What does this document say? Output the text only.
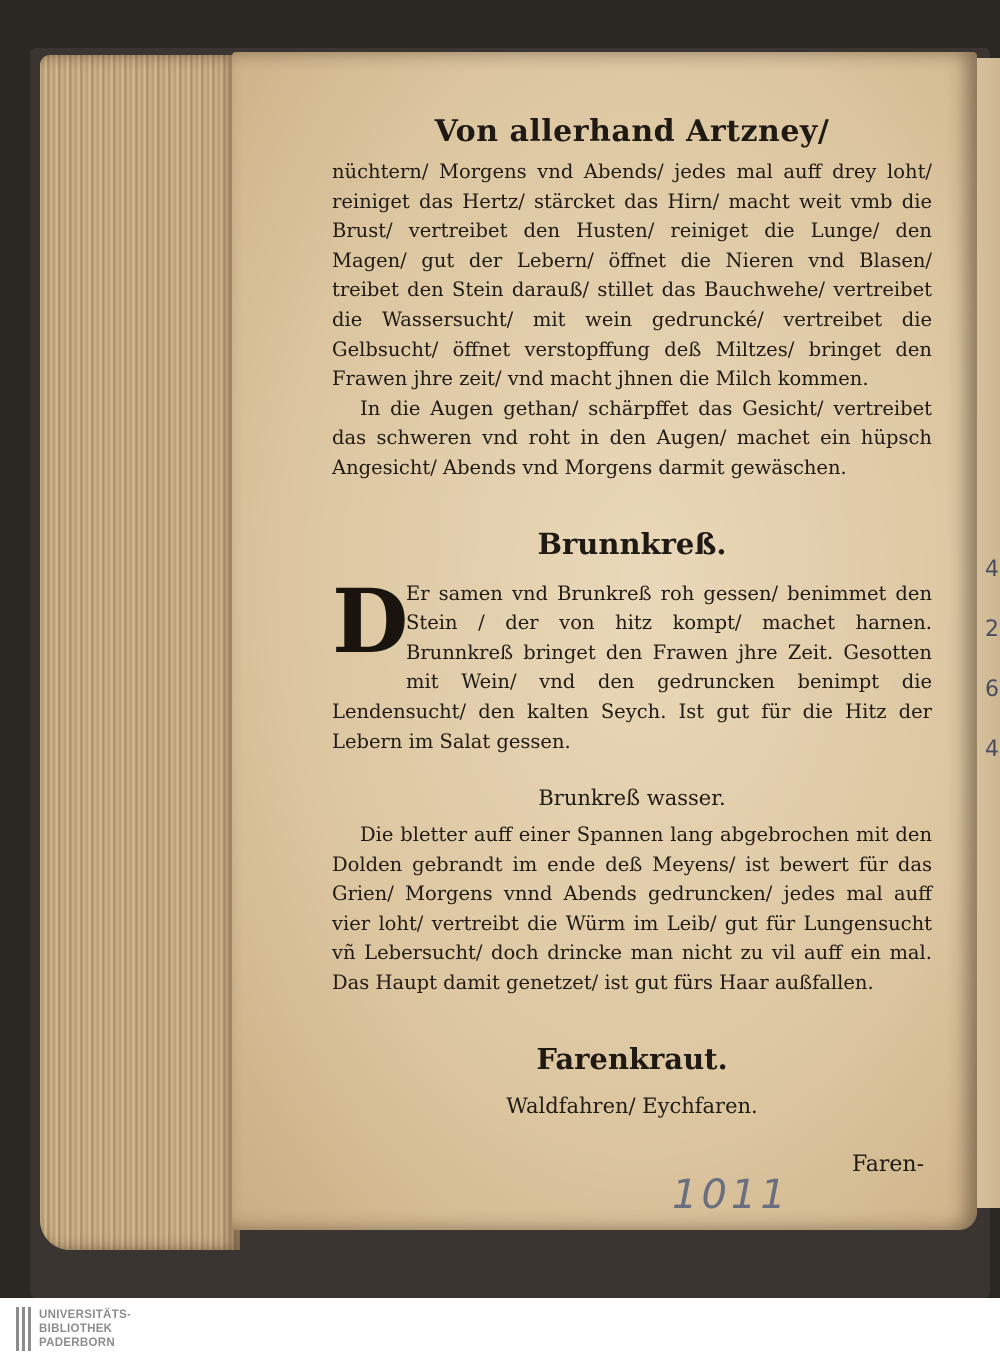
Von allerhand Artzney/

nüchtern/ Morgens vnd Abends/ jedes mal auff drey loht/ reiniget das Hertz/ stärcket das Hirn/ macht weit vmb die Brust/ vertreibet den Husten/ reiniget die Lunge/ den Magen/ gut der Lebern/ öffnet die Nieren vnd Blasen/ treibet den Stein darauß/ stillet das Bauchwehe/ vertreibet die Wassersucht/ mit wein gedruncké/ vertreibet die Gelbsucht/ öffnet verstopffung deß Miltzes/ bringet den Frawen jhre zeit/ vnd macht jhnen die Milch kommen.

In die Augen gethan/ schärpffet das Gesicht/ vertreibet das schweren vnd roht in den Augen/ machet ein hüpsch Angesicht/ Abends vnd Morgens darmit gewäschen.

Brunnkreß.
D

Er samen vnd Brunkreß roh gessen/ benimmet den Stein / der von hitz kompt/ machet harnen. Brunnkreß bringet den Frawen jhre Zeit. Gesotten mit Wein/ vnd den gedruncken benimpt die Lendensucht/ den kalten Seych. Ist gut für die Hitz der Lebern im Salat gessen.

Brunkreß wasser.

Die bletter auff einer Spannen lang abgebrochen mit den Dolden gebrandt im ende deß Meyens/ ist bewert für das Grien/ Morgens vnnd Abends gedruncken/ jedes mal auff vier loht/ vertreibt die Würm im Leib/ gut für Lungensucht vñ Lebersucht/ doch drincke man nicht zu vil auff ein mal. Das Haupt damit genetzet/ ist gut fürs Haar außfallen.

Farenkraut.
Waldfahren/ Eychfaren.
Faren-
1011
4
2
6
4
UNIVERSITÄTS-
BIBLIOTHEK
PADERBORN
